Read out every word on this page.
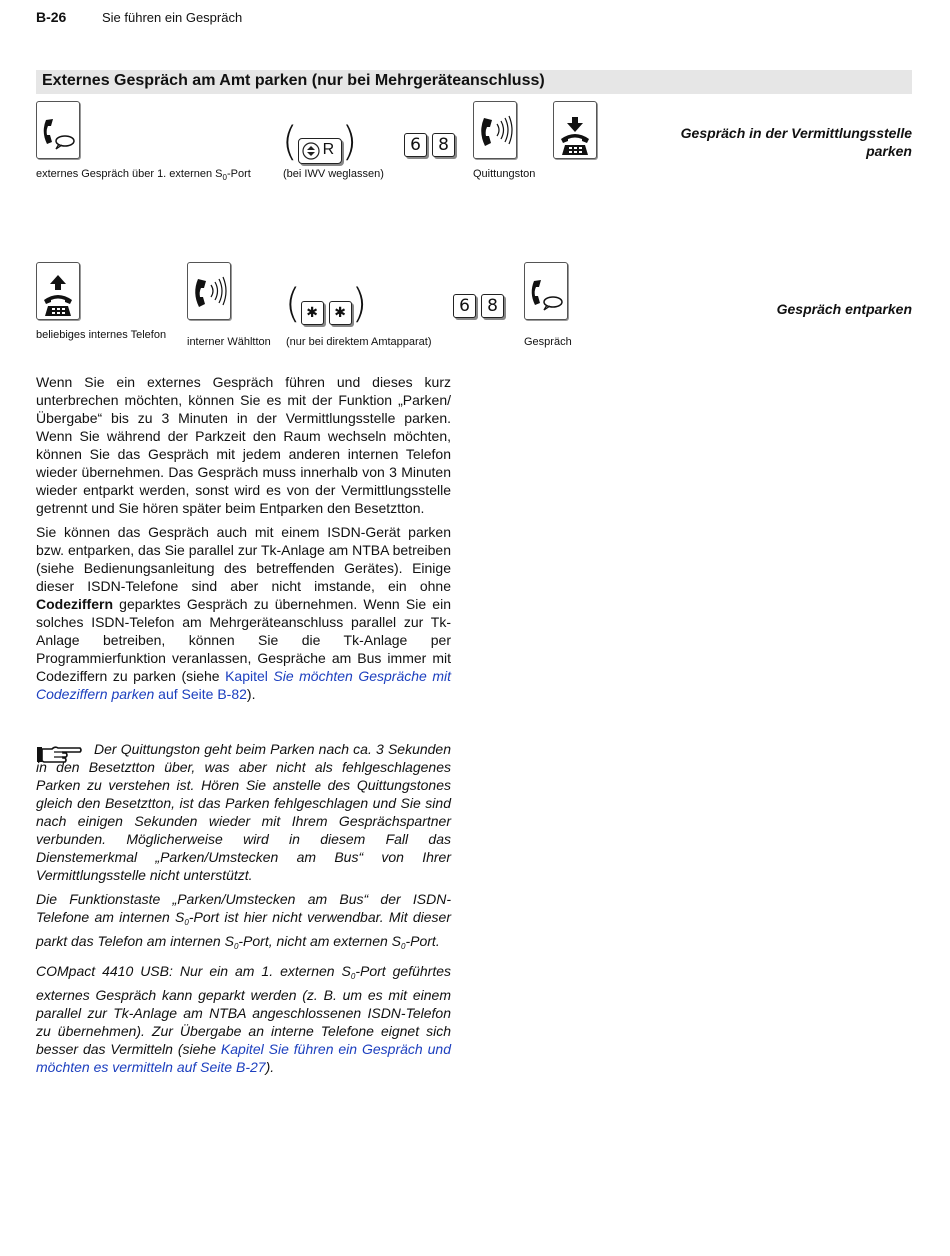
B-26	Sie führen ein Gespräch
Externes Gespräch am Amt parken (nur bei Mehrgeräteanschluss)
externes Gespräch über 1. externen $S_0$-Port
( R )
(bei IWV weglassen)
6 8
Quittungston
Gespräch in der Vermittlungsstelle parken
beliebiges internes Telefon
interner Wähltton
( ✱ ✱ )
(nur bei direktem Amtapparat)
6 8
Gespräch
Gespräch entparken

Wenn Sie ein externes Gespräch führen und dieses kurz unterbrechen möchten, können Sie es mit der Funktion „Parken/Übergabe“ bis zu 3 Minuten in der Vermittlungsstelle parken. Wenn Sie während der Parkzeit den Raum wechseln möchten, können Sie das Gespräch mit jedem anderen internen Telefon wieder übernehmen. Das Gespräch muss innerhalb von 3 Minuten wieder entparkt werden, sonst wird es von der Vermittlungsstelle getrennt und Sie hören später beim Entparken den Besetztton.

Sie können das Gespräch auch mit einem ISDN-Gerät parken bzw. entparken, das Sie parallel zur Tk-Anlage am NTBA betreiben (siehe Bedienungsanleitung des betreffenden Gerätes). Einige dieser ISDN-Telefone sind aber nicht imstande, ein ohne Codeziffern geparktes Gespräch zu übernehmen. Wenn Sie ein solches ISDN-Telefon am Mehrgeräteanschluss parallel zur Tk-Anlage betreiben, können Sie die Tk-Anlage per Programmierfunktion veranlassen, Gespräche am Bus immer mit Codeziffern zu parken (siehe Kapitel Sie möchten Gespräche mit Codeziffern parken auf Seite B-82).

Der Quittungston geht beim Parken nach ca. 3 Sekunden in den Besetztton über, was aber nicht als fehlgeschlagenes Parken zu verstehen ist. Hören Sie anstelle des Quittungstones gleich den Besetztton, ist das Parken fehlgeschlagen und Sie sind nach einigen Sekunden wieder mit Ihrem Gesprächspartner verbunden. Möglicherweise wird in diesem Fall das Dienstemerkmal „Parken/Umstecken am Bus“ von Ihrer Vermittlungsstelle nicht unterstützt.

Die Funktionstaste „Parken/Umstecken am Bus“ der ISDN-Telefone am internen $S_0$-Port ist hier nicht verwendbar. Mit dieser parkt das Telefon am internen $S_0$-Port, nicht am externen $S_0$-Port.

COMpact 4410 USB: Nur ein am 1. externen $S_0$-Port geführtes externes Gespräch kann geparkt werden (z. B. um es mit einem parallel zur Tk-Anlage am NTBA angeschlossenen ISDN-Telefon zu übernehmen). Zur Übergabe an interne Telefone eignet sich besser das Vermitteln (siehe Kapitel Sie führen ein Gespräch und möchten es vermitteln auf Seite B-27).
